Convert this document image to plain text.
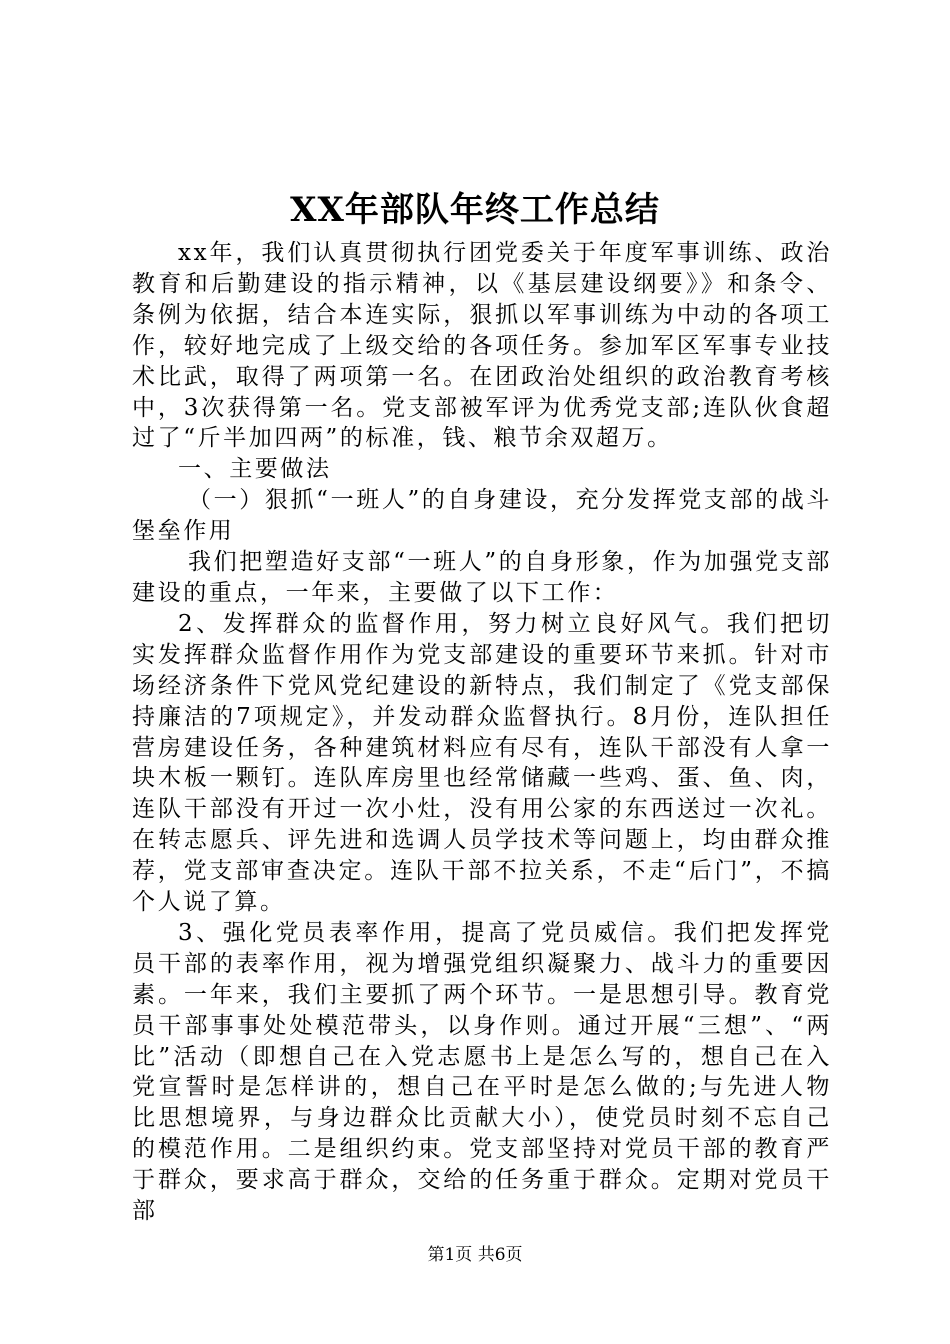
XX年部队年终工作总结

xx年，我们认真贯彻执行团党委关于年度军事训练、政治教育和后勤建设的指示精神，以《基层建设纲要》》和条令、条例为依据，结合本连实际，狠抓以军事训练为中动的各项工作，较好地完成了上级交给的各项任务。参加军区军事专业技术比武，取得了两项第一名。在团政治处组织的政治教育考核中，3次获得第一名。党支部被军评为优秀党支部;连队伙食超过了“斤半加四两”的标准，钱、粮节余双超万。

一、主要做法

（一）狠抓“一班人”的自身建设，充分发挥党支部的战斗堡垒作用

我们把塑造好支部“一班人”的自身形象，作为加强党支部建设的重点，一年来，主要做了以下工作：

2、发挥群众的监督作用，努力树立良好风气。我们把切实发挥群众监督作用作为党支部建设的重要环节来抓。针对市场经济条件下党风党纪建设的新特点，我们制定了《党支部保持廉洁的7项规定》，并发动群众监督执行。8月份，连队担任营房建设任务，各种建筑材料应有尽有，连队干部没有人拿一块木板一颗钉。连队库房里也经常储藏一些鸡、蛋、鱼、肉，连队干部没有开过一次小灶，没有用公家的东西送过一次礼。在转志愿兵、评先进和选调人员学技术等问题上，均由群众推荐，党支部审查决定。连队干部不拉关系，不走“后门”，不搞个人说了算。

3、强化党员表率作用，提高了党员威信。我们把发挥党员干部的表率作用，视为增强党组织凝聚力、战斗力的重要因素。一年来，我们主要抓了两个环节。一是思想引导。教育党员干部事事处处模范带头，以身作则。通过开展“三想”、“两比”活动（即想自己在入党志愿书上是怎么写的，想自己在入党宣誓时是怎样讲的，想自己在平时是怎么做的;与先进人物比思想境界，与身边群众比贡献大小），使党员时刻不忘自己的模范作用。二是组织约束。党支部坚持对党员干部的教育严于群众，要求高于群众，交给的任务重于群众。定期对党员干部

第1页 共6页
